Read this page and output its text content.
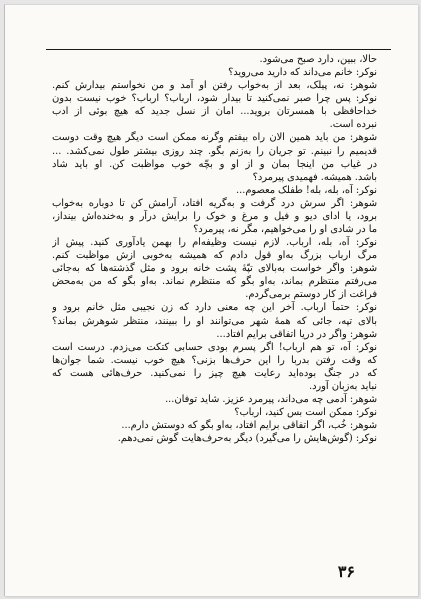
حالا، ببین، دارد صبح می‌شود.
نوکر: خانم می‌داند که دارید می‌روید؟
شوهر: نه، پیلک، بعد از به‌خواب رفتن او آمد و من نخواستم بیدارش کنم.
نوکر: پس چرا صبر نمی‌کنید تا بیدار شود، ارباب؟ ارباب؟ خوب نیست بدون
خداحافظی با همسرتان بروید... امان از نسل جدید که هیچ بوئی از ادب
نبرده است.
شوهر: من باید همین الان راه بیفتم وگرنه ممکن است دیگر هیچ وقت دوست
قدیمیم را نبینم. تو جریان را به‌زنم بگو. چند روزی بیشتر طول نمی‌کشد. ...
در غیاب من اینجا بمان و از او و بچّه خوب مواظبت کن. او باید شاد
باشد. همیشه. فهمیدی پیرمرد؟
نوکر: آه، بله، بله! طفلک معصوم...
شوهر: اگر سرش درد گرفت و به‌گریه افتاد، آرامش کن تا دوباره به‌خواب
برود، یا ادای دیو و فیل و مرغ و خوک را برایش درآر و به‌خنده‌اش بینداز،
ما در شادی او را می‌خواهیم، مگر نه، پیرمرد؟
نوکر: آه، بله، ارباب. لازم نیست وظیفه‌ام را بهمن یادآوری کنید. پیش از
مرگ ارباب بزرگ به‌او قول دادم که همیشه به‌خوبی ازش مواظبت کنم.
شوهر: واگر خواست به‌بالای تپّهٔ پشت خانه برود و مثل گذشته‌ها که به‌جائی
می‌رفتم منتظرم بماند، به‌او بگو که منتظرم نماند. به‌او بگو که من به‌محض
فراغت از کار دوستم برمی‌گردم.
نوکر: حتماً ارباب. آخر این چه معنی دارد که زن نجیبی مثل خانم برود و
بالای تپه، جائی که همهٔ شهر می‌توانند او را ببینند، منتظر شوهرش بماند؟
شوهر: واگر در دریا اتفاقی برایم افتاد...
نوکر: آه، تو هم ارباب! اگر پسرم بودی حسابی کتکت می‌زدم. درست است
که وقت رفتن بدربا را این حرف‌ها بزنی؟ هیچ خوب نیست. شما جوان‌ها
که در جنگ بوده‌اید رعایت هیچ چیز را نمی‌کنید. حرف‌هائی هست که
نباید به‌زبان آورد.
شوهر: آدمی چه می‌داند، پیرمرد عزیز. شاید توفان...
نوکر: ممکن است بس کنید، ارباب؟
شوهر: خُب، اگر اتفاقی برایم افتاد، به‌او بگو که دوستش دارم...
نوکر: (گوش‌هایش را می‌گیرد) دیگر به‌حرف‌هایت گوش نمی‌دهم.
۳۶
